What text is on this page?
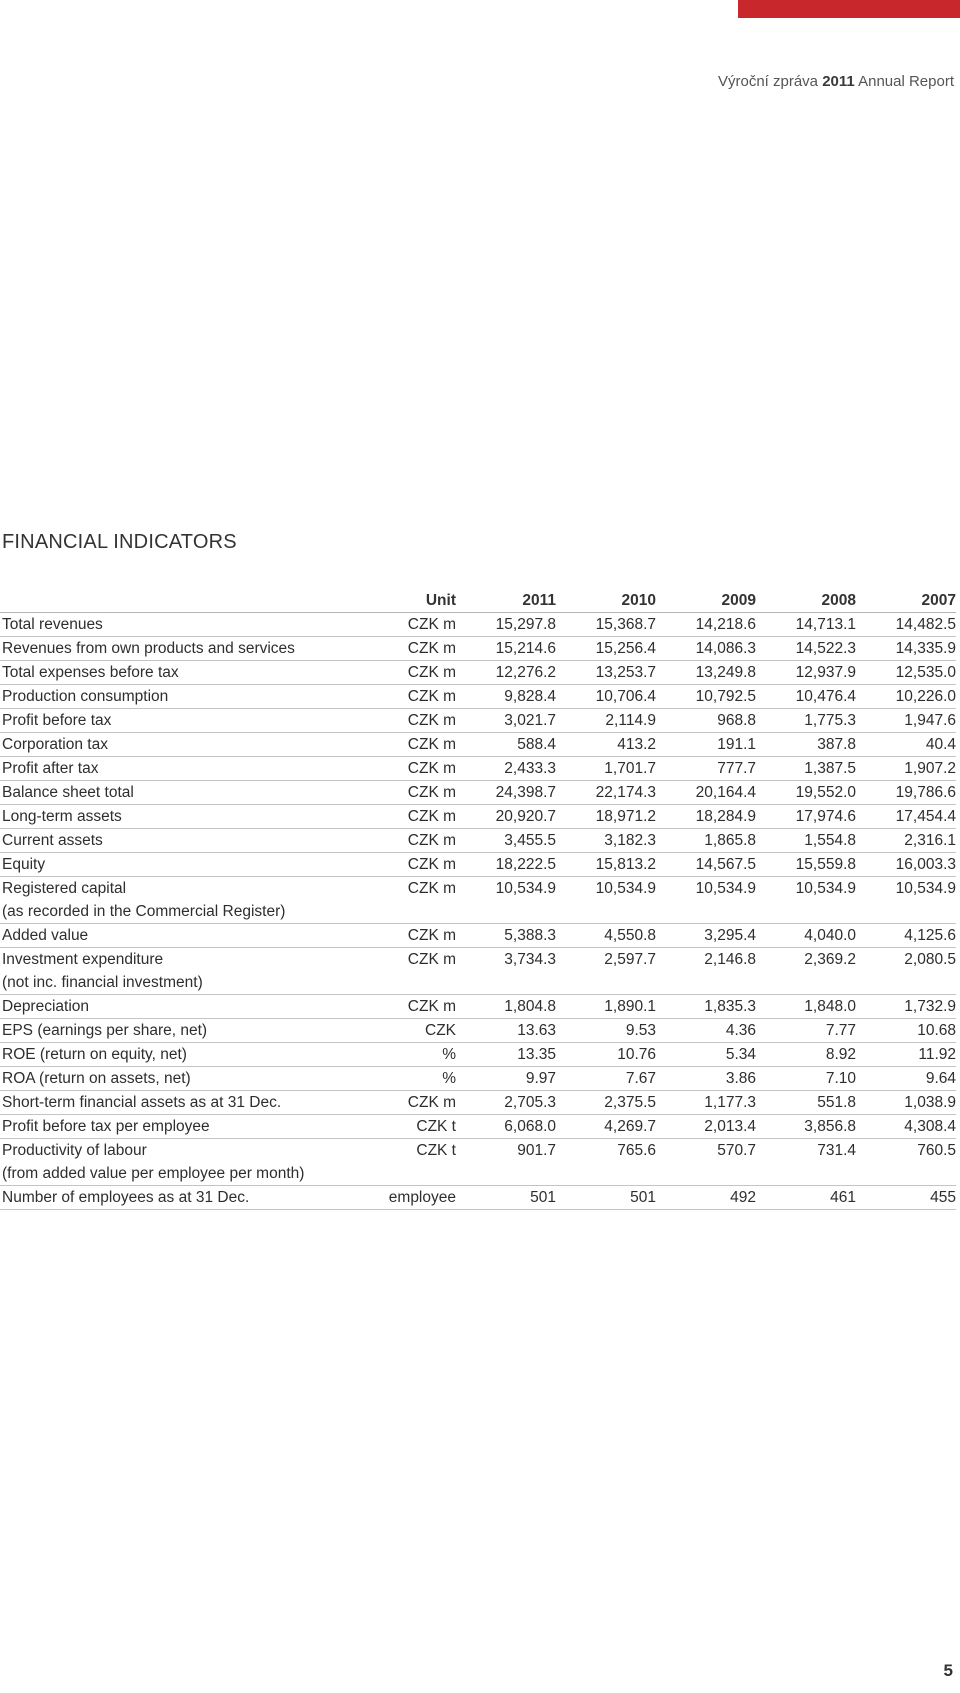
Výroční zpráva 2011 Annual Report
FINANCIAL INDICATORS
	Unit	2011	2010	2009	2008	2007
Total revenues	CZK m	15,297.8	15,368.7	14,218.6	14,713.1	14,482.5
Revenues from own products and services	CZK m	15,214.6	15,256.4	14,086.3	14,522.3	14,335.9
Total expenses before tax	CZK m	12,276.2	13,253.7	13,249.8	12,937.9	12,535.0
Production consumption	CZK m	9,828.4	10,706.4	10,792.5	10,476.4	10,226.0
Profit before tax	CZK m	3,021.7	2,114.9	968.8	1,775.3	1,947.6
Corporation tax	CZK m	588.4	413.2	191.1	387.8	40.4
Profit after tax	CZK m	2,433.3	1,701.7	777.7	1,387.5	1,907.2
Balance sheet total	CZK m	24,398.7	22,174.3	20,164.4	19,552.0	19,786.6
Long-term assets	CZK m	20,920.7	18,971.2	18,284.9	17,974.6	17,454.4
Current assets	CZK m	3,455.5	3,182.3	1,865.8	1,554.8	2,316.1
Equity	CZK m	18,222.5	15,813.2	14,567.5	15,559.8	16,003.3
Registered capital	CZK m	10,534.9	10,534.9	10,534.9	10,534.9	10,534.9
(as recorded in the Commercial Register)						
Added value	CZK m	5,388.3	4,550.8	3,295.4	4,040.0	4,125.6
Investment expenditure	CZK m	3,734.3	2,597.7	2,146.8	2,369.2	2,080.5
(not inc. financial investment)						
Depreciation	CZK m	1,804.8	1,890.1	1,835.3	1,848.0	1,732.9
EPS (earnings per share, net)	CZK	13.63	9.53	4.36	7.77	10.68
ROE (return on equity, net)	%	13.35	10.76	5.34	8.92	11.92
ROA (return on assets, net)	%	9.97	7.67	3.86	7.10	9.64
Short-term financial assets as at 31 Dec.	CZK m	2,705.3	2,375.5	1,177.3	551.8	1,038.9
Profit before tax per employee	CZK t	6,068.0	4,269.7	2,013.4	3,856.8	4,308.4
Productivity of labour	CZK t	901.7	765.6	570.7	731.4	760.5
(from added value per employee per month)						
Number of employees as at 31 Dec.	employee	501	501	492	461	455
5
